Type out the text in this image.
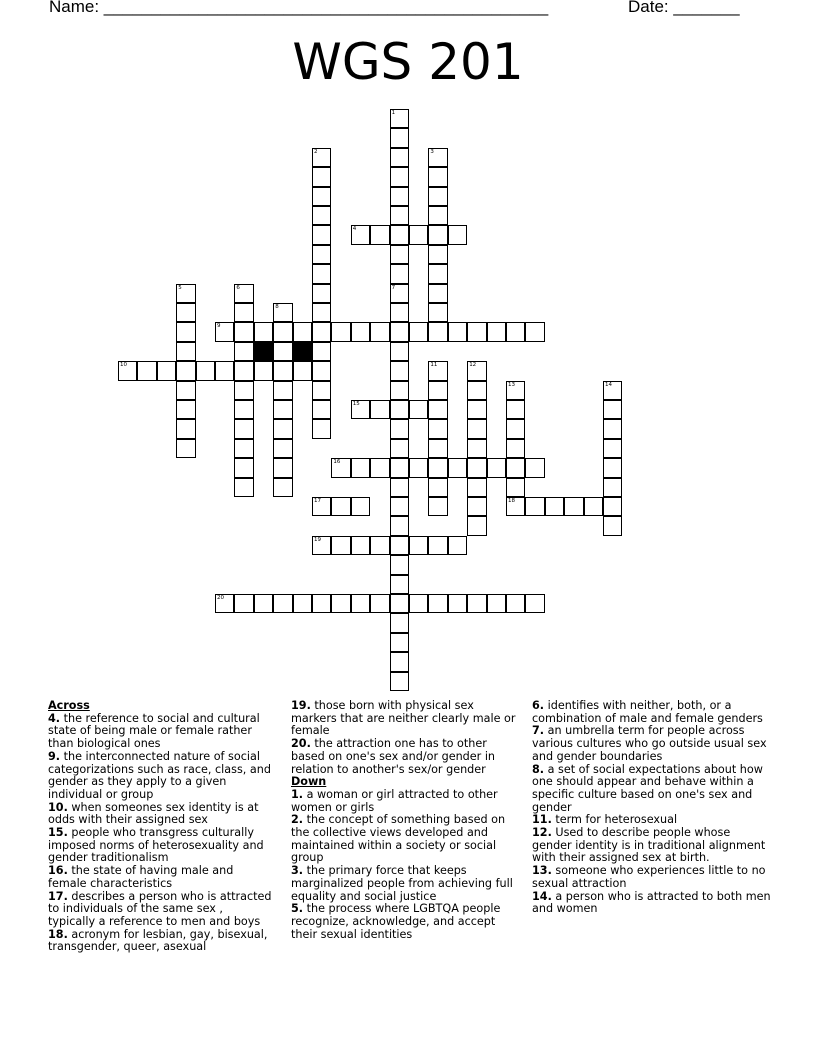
Name: _______________________________________________	Date: _______
WGS 201
1
7
2	3
4
5	6
8
9
10	11	12
13
18
14
15
16
17
19
20
Across
4. the reference to social and cultural state of being male or female rather than biological ones
9. the interconnected nature of social categorizations such as race, class, and gender as they apply to a given individual or group
10. when someones sex identity is at odds with their assigned sex
15. people who transgress culturally imposed norms of heterosexuality and gender traditionalism
16. the state of having male and female characteristics
17. describes a person who is attracted to individuals of the same sex , typically a reference to men and boys
18. acronym for lesbian, gay, bisexual, transgender, queer, asexual
19. those born with physical sex markers that are neither clearly male or female
20. the attraction one has to other based on one's sex and/or gender in relation to another's sex/or gender
Down
1. a woman or girl attracted to other women or girls
2. the concept of something based on the collective views developed and maintained within a society or social group
3. the primary force that keeps marginalized people from achieving full equality and social justice
5. the process where LGBTQA people recognize, acknowledge, and accept their sexual identities
6. identifies with neither, both, or a combination of male and female genders
7. an umbrella term for people across various cultures who go outside usual sex and gender boundaries
8. a set of social expectations about how one should appear and behave within a specific culture based on one's sex and gender
11. term for heterosexual
12. Used to describe people whose gender identity is in traditional alignment with their assigned sex at birth.
13. someone who experiences little to no sexual attraction
14. a person who is attracted to both men and women
